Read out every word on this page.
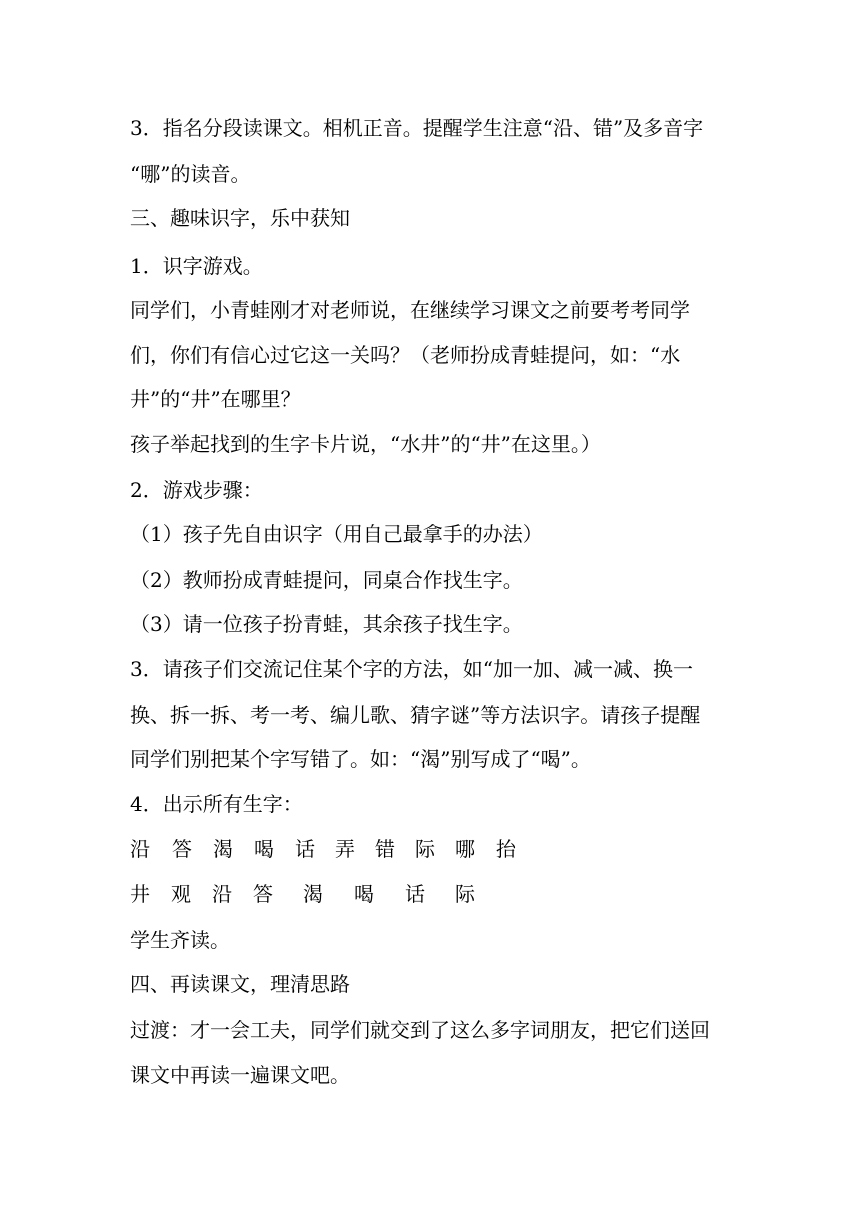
3．指名分段读课文。相机正音。提醒学生注意“沿、错”及多音字
“哪”的读音。
三、趣味识字，乐中获知
1．识字游戏。
同学们，小青蛙刚才对老师说，在继续学习课文之前要考考同学
们，你们有信心过它这一关吗？（老师扮成青蛙提问，如：“水
井”的“井”在哪里？
孩子举起找到的生字卡片说，“水井”的“井”在这里。）
2．游戏步骤：
（1）孩子先自由识字（用自己最拿手的办法）
（2）教师扮成青蛙提问，同桌合作找生字。
（3）请一位孩子扮青蛙，其余孩子找生字。
3．请孩子们交流记住某个字的方法，如“加一加、减一减、换一
换、拆一拆、考一考、编儿歌、猜字谜”等方法识字。请孩子提醒
同学们别把某个字写错了。如：“渴”别写成了“喝”。
4．出示所有生字：
沿 答 渴 喝 话 弄 错 际 哪 抬
井 观 沿 答 渴 喝 话 际
学生齐读。
四、再读课文，理清思路
过渡：才一会工夫，同学们就交到了这么多字词朋友，把它们送回
课文中再读一遍课文吧。
